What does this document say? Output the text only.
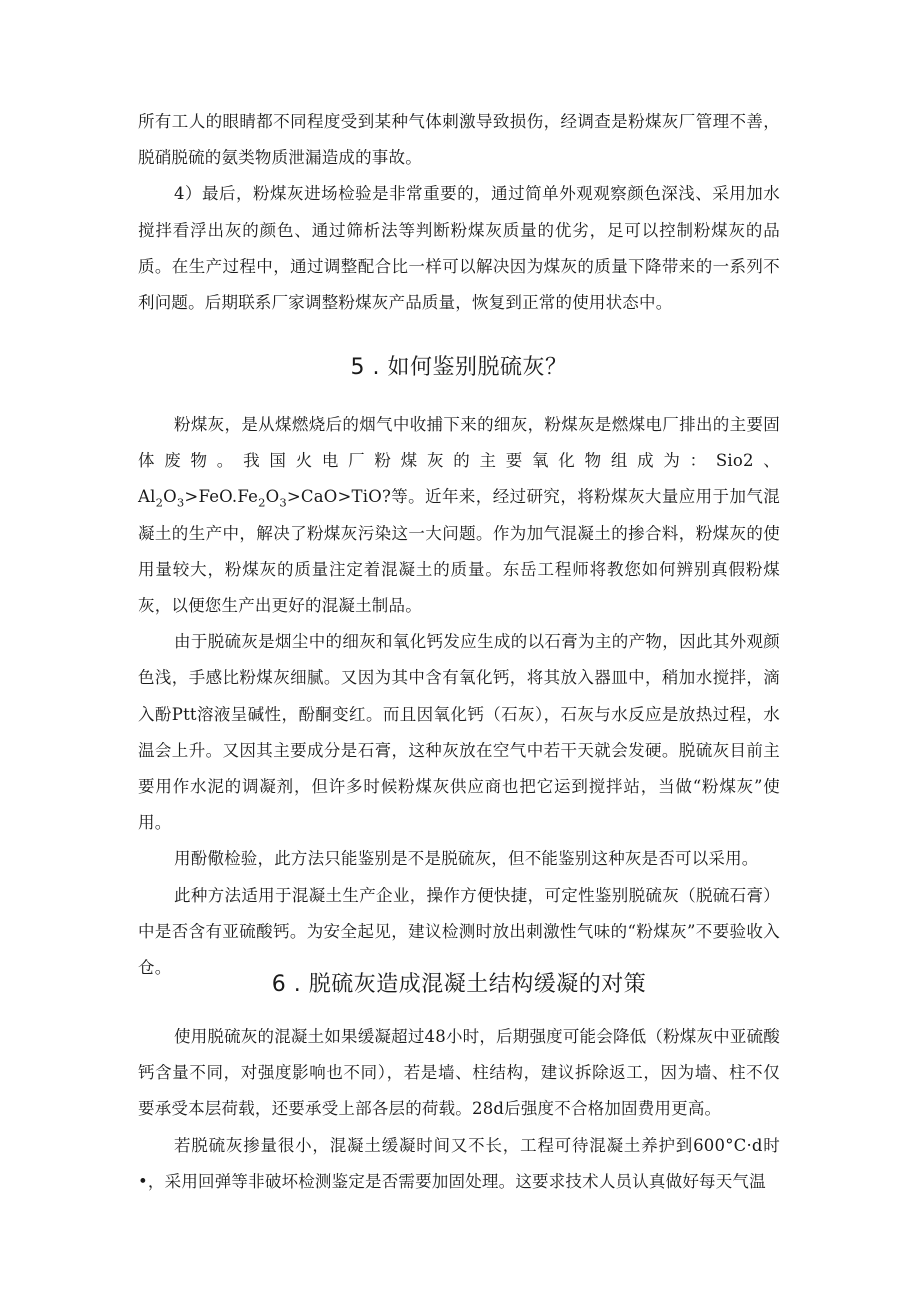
所有工人的眼睛都不同程度受到某种气体刺激导致损伤，经调查是粉煤灰厂管理不善，脱硝脱硫的氨类物质泄漏造成的事故。

4）最后，粉煤灰进场检验是非常重要的，通过简单外观观察颜色深浅、采用加水搅拌看浮出灰的颜色、通过筛析法等判断粉煤灰质量的优劣，足可以控制粉煤灰的品质。在生产过程中，通过调整配合比一样可以解决因为煤灰的质量下降带来的一系列不利问题。后期联系厂家调整粉煤灰产品质量，恢复到正常的使用状态中。

5 . 如何鉴别脱硫灰？

粉煤灰，是从煤燃烧后的烟气中收捕下来的细灰，粉煤灰是燃煤电厂排出的主要固体废物。我国火电厂粉煤灰的主要氧化物组成为：Sio2、$Al_2O_3>FeO.Fe_2O_3>CaO>TiO$?等。近年来，经过研究，将粉煤灰大量应用于加气混凝土的生产中，解决了粉煤灰污染这一大问题。作为加气混凝土的掺合料，粉煤灰的使用量较大，粉煤灰的质量注定着混凝土的质量。东岳工程师将教您如何辨别真假粉煤灰，以便您生产出更好的混凝土制品。

由于脱硫灰是烟尘中的细灰和氧化钙发应生成的以石膏为主的产物，因此其外观颜色浅，手感比粉煤灰细腻。又因为其中含有氧化钙，将其放入器皿中，稍加水搅拌，滴入酚Ptt溶液呈碱性，酚酮变红。而且因氧化钙（石灰），石灰与水反应是放热过程，水温会上升。又因其主要成分是石膏，这种灰放在空气中若干天就会发硬。脱硫灰目前主要用作水泥的调凝剂，但许多时候粉煤灰供应商也把它运到搅拌站，当做“粉煤灰”使用。

用酚儆检验，此方法只能鉴别是不是脱硫灰，但不能鉴别这种灰是否可以采用。

此种方法适用于混凝土生产企业，操作方便快捷，可定性鉴别脱硫灰（脱硫石膏）中是否含有亚硫酸钙。为安全起见，建议检测时放出刺激性气味的“粉煤灰”不要验收入仓。

6 . 脱硫灰造成混凝土结构缓凝的对策

使用脱硫灰的混凝土如果缓凝超过48小时，后期强度可能会降低（粉煤灰中亚硫酸钙含量不同，对强度影响也不同），若是墙、柱结构，建议拆除返工，因为墙、柱不仅要承受本层荷载，还要承受上部各层的荷载。28d后强度不合格加固费用更高。

若脱硫灰掺量很小，混凝土缓凝时间又不长，工程可待混凝土养护到600°C·d时•，采用回弹等非破坏检测鉴定是否需要加固处理。这要求技术人员认真做好每天气温
